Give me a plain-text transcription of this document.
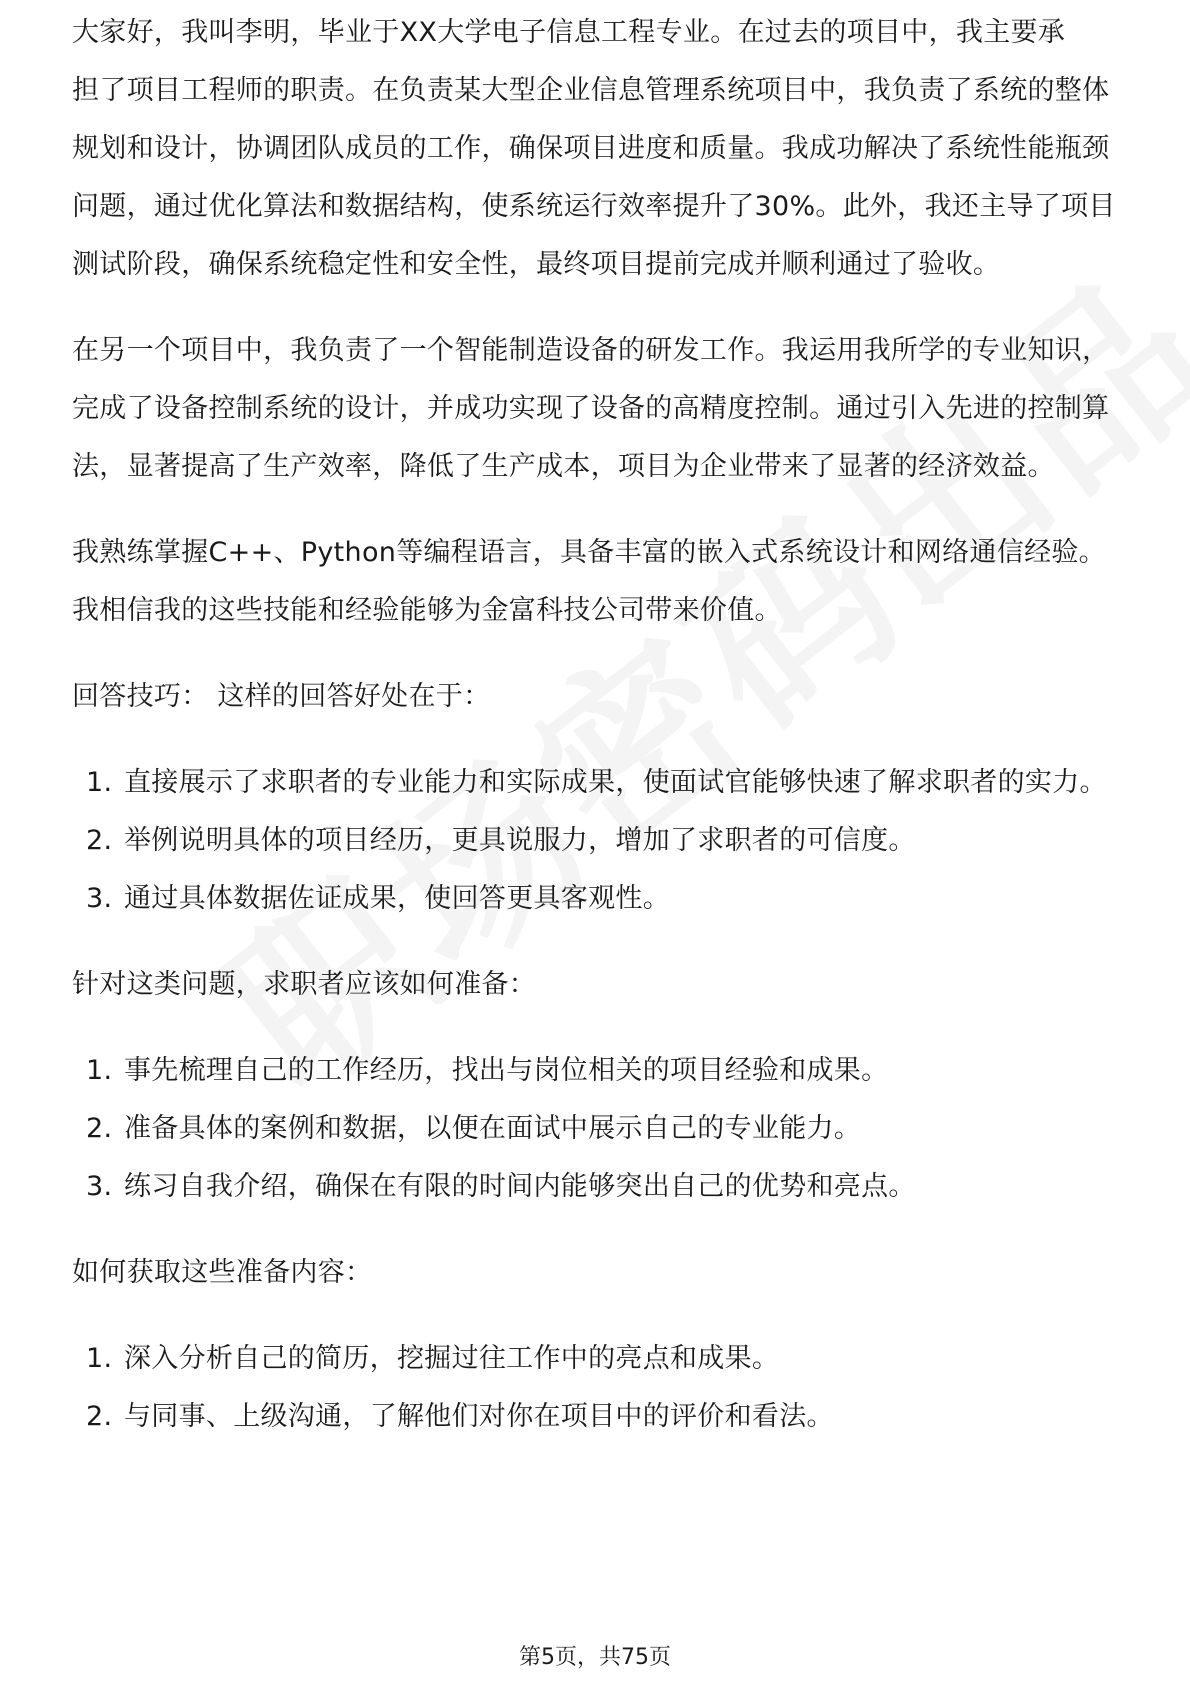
大家好，我叫李明，毕业于XX大学电子信息工程专业。在过去的项目中，我主要承

担了项目工程师的职责。在负责某大型企业信息管理系统项目中，我负责了系统的整体规划和设计，协调团队成员的工作，确保项目进度和质量。我成功解决了系统性能瓶颈问题，通过优化算法和数据结构，使系统运行效率提升了30%。此外，我还主导了项目测试阶段，确保系统稳定性和安全性，最终项目提前完成并顺利通过了验收。

在另一个项目中，我负责了一个智能制造设备的研发工作。我运用我所学的专业知识，完成了设备控制系统的设计，并成功实现了设备的高精度控制。通过引入先进的控制算法，显著提高了生产效率，降低了生产成本，项目为企业带来了显著的经济效益。

我熟练掌握C++、Python等编程语言，具备丰富的嵌入式系统设计和网络通信经验。我相信我的这些技能和经验能够为金富科技公司带来价值。

回答技巧： 这样的回答好处在于：

1. 直接展示了求职者的专业能力和实际成果，使面试官能够快速了解求职者的实力。
2. 举例说明具体的项目经历，更具说服力，增加了求职者的可信度。
3. 通过具体数据佐证成果，使回答更具客观性。

针对这类问题，求职者应该如何准备：

1. 事先梳理自己的工作经历，找出与岗位相关的项目经验和成果。
2. 准备具体的案例和数据，以便在面试中展示自己的专业能力。
3. 练习自我介绍，确保在有限的时间内能够突出自己的优势和亮点。

如何获取这些准备内容：

1. 深入分析自己的简历，挖掘过往工作中的亮点和成果。
2. 与同事、上级沟通，了解他们对你在项目中的评价和看法。
第5页，共75页
